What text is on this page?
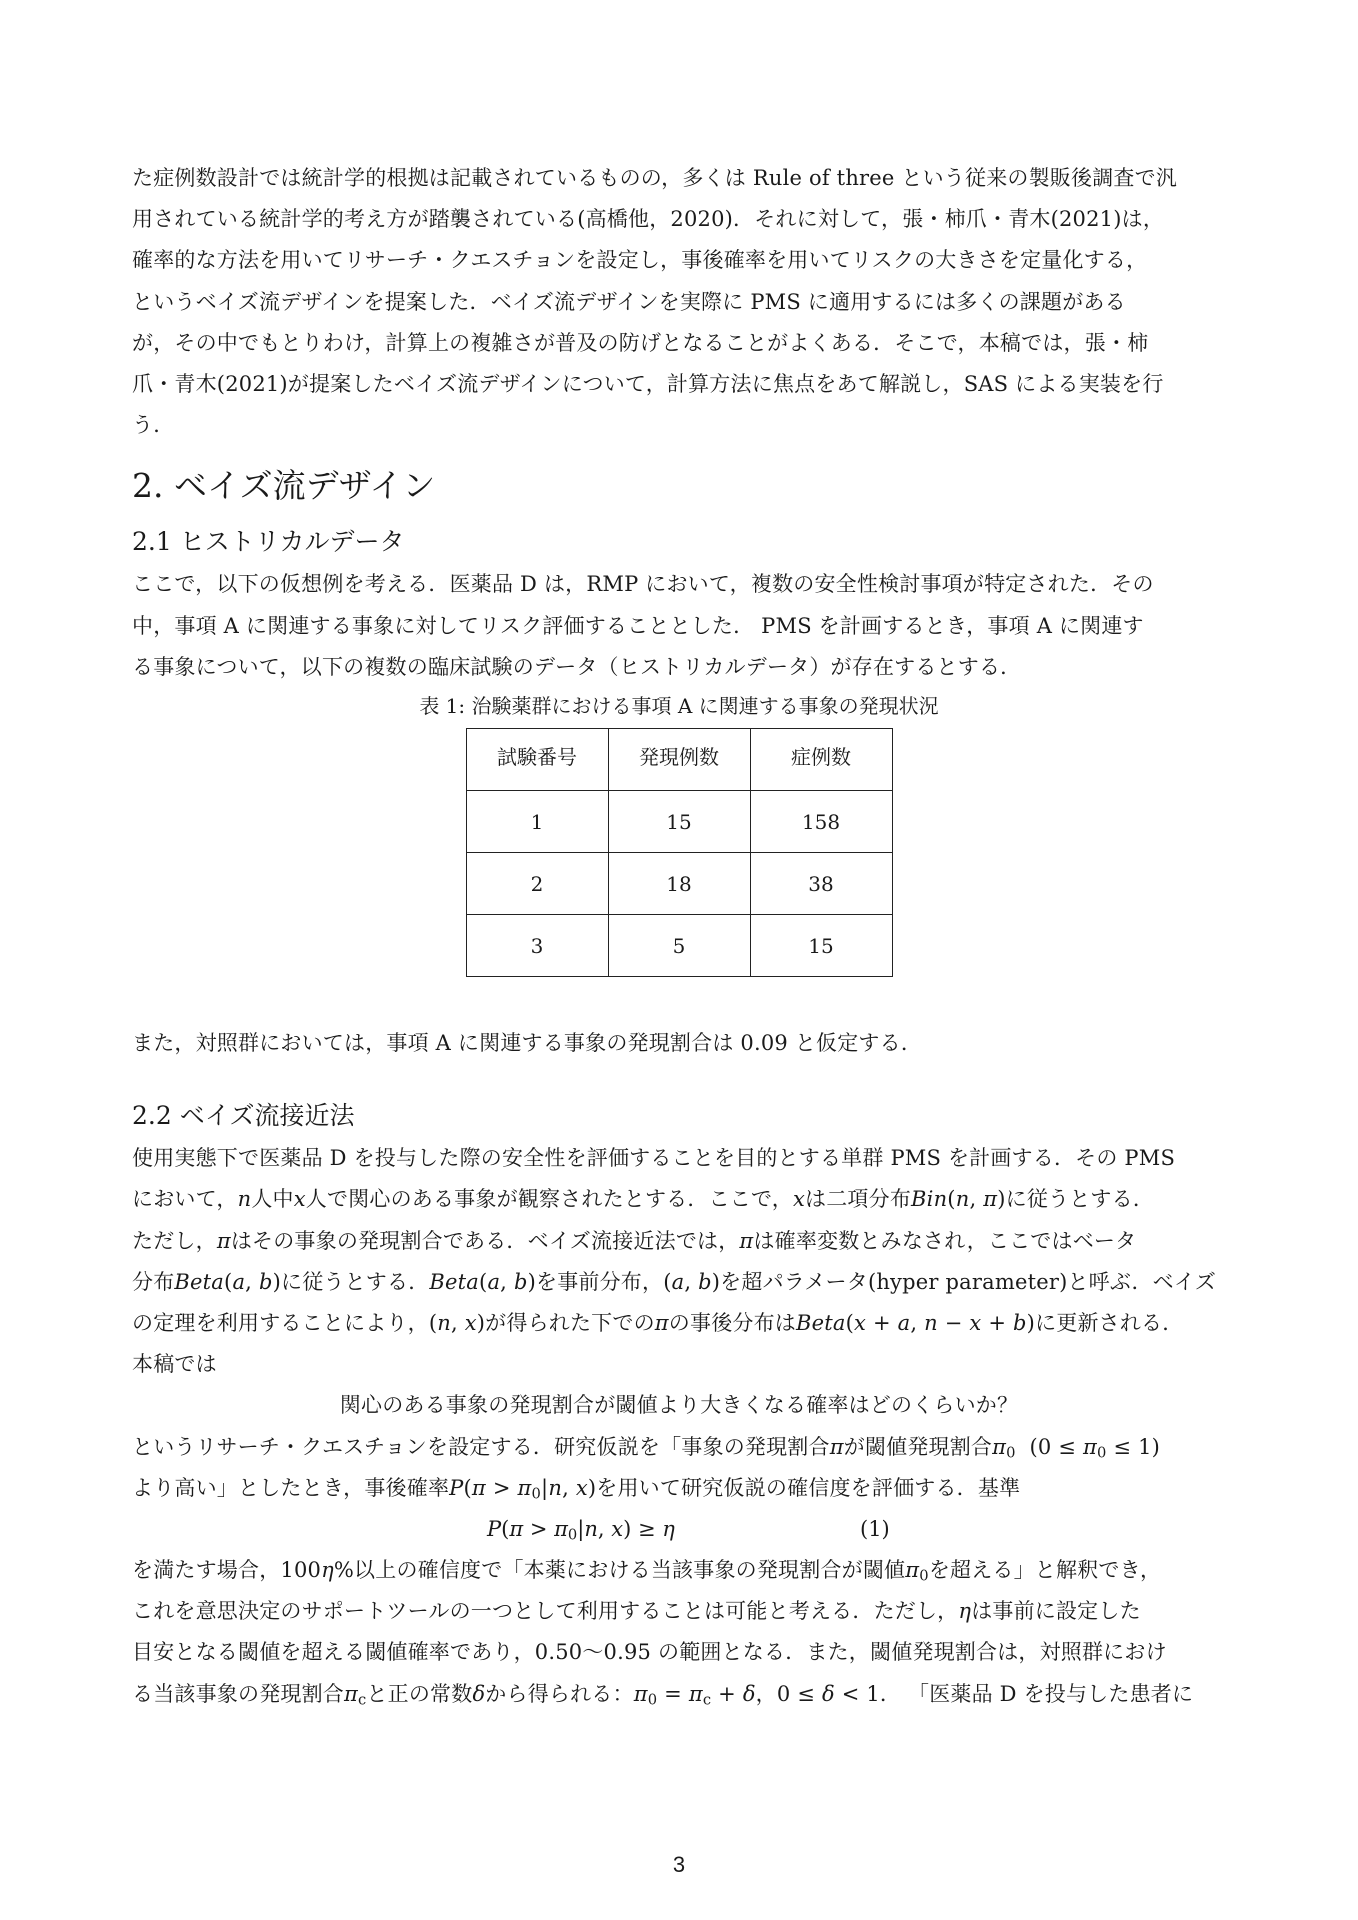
た症例数設計では統計学的根拠は記載されているものの，多くは Rule of three という従来の製販後調査で汎

用されている統計学的考え方が踏襲されている(高橋他，2020)．それに対して，張・柿爪・青木(2021)は，

確率的な方法を用いてリサーチ・クエスチョンを設定し，事後確率を用いてリスクの大きさを定量化する，

というベイズ流デザインを提案した．ベイズ流デザインを実際に PMS に適用するには多くの課題がある

が，その中でもとりわけ，計算上の複雑さが普及の防げとなることがよくある．そこで，本稿では，張・柿

爪・青木(2021)が提案したベイズ流デザインについて，計算方法に焦点をあて解説し，SAS による実装を行

う．

2. ベイズ流デザイン
2.1 ヒストリカルデータ

ここで，以下の仮想例を考える．医薬品 D は，RMP において，複数の安全性検討事項が特定された．その

中，事項 A に関連する事象に対してリスク評価することとした． PMS を計画するとき，事項 A に関連す

る事象について，以下の複数の臨床試験のデータ（ヒストリカルデータ）が存在するとする．

表 1: 治験薬群における事項 A に関連する事象の発現状況
試験番号	発現例数	症例数
1	15	158
2	18	38
3	5	15

また，対照群においては，事項 A に関連する事象の発現割合は 0.09 と仮定する．

2.2 ベイズ流接近法

使用実態下で医薬品 D を投与した際の安全性を評価することを目的とする単群 PMS を計画する．その PMS

において，n人中x人で関心のある事象が観察されたとする．ここで，xは二項分布Bin(n, π)に従うとする．

ただし，πはその事象の発現割合である．ベイズ流接近法では，πは確率変数とみなされ，ここではベータ

分布Beta(a, b)に従うとする．Beta(a, b)を事前分布，(a, b)を超パラメータ(hyper parameter)と呼ぶ．ベイズ

の定理を利用することにより，(n, x)が得られた下でのπの事後分布はBeta(x + a, n − x + b)に更新される．

本稿では

関心のある事象の発現割合が閾値より大きくなる確率はどのくらいか？

というリサーチ・クエスチョンを設定する．研究仮説を「事象の発現割合πが閾値発現割合$\pi_0$  $(0 \le \pi_0 \le 1)$

より高い」としたとき，事後確率$P(\pi > \pi_0|n$, x)を用いて研究仮説の確信度を評価する．基準

$P(\pi > \pi_0|n$, x) ≥ η	(1)

を満たす場合，100η%以上の確信度で「本薬における当該事象の発現割合が閾値$\pi_0$を超える」と解釈でき，

これを意思決定のサポートツールの一つとして利用することは可能と考える．ただし，ηは事前に設定した

目安となる閾値を超える閾値確率であり，0.50〜0.95 の範囲となる．また，閾値発現割合は，対照群におけ

る当該事象の発現割合$\pi_c$と正の常数δから得られる：$\pi_0 = \pi_c + \delta$，0 ≤ δ < 1． 「医薬品 D を投与した患者に

3
